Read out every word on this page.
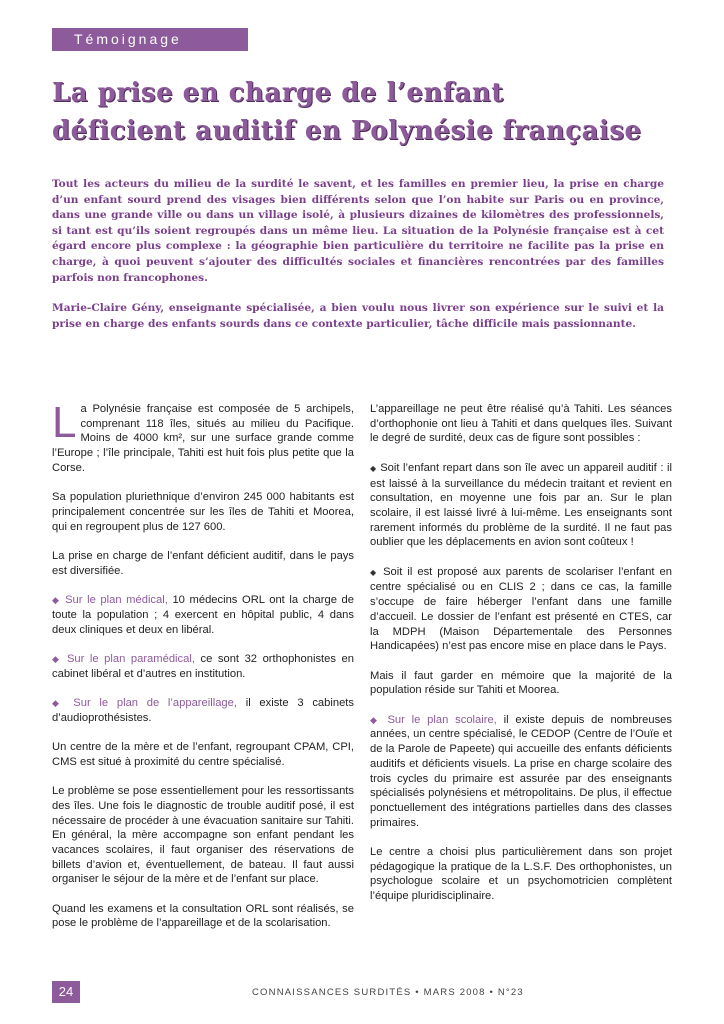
Témoignage
La prise en charge de l’enfant
déficient auditif en Polynésie française

Tout les acteurs du milieu de la surdité le savent, et les familles en premier lieu, la prise en charge d’un enfant sourd prend des visages bien différents selon que l’on habite sur Paris ou en province, dans une grande ville ou dans un village isolé, à plusieurs dizaines de kilomètres des professionnels, si tant est qu’ils soient regroupés dans un même lieu. La situation de la Polynésie française est à cet égard encore plus complexe : la géographie bien particulière du territoire ne facilite pas la prise en charge, à quoi peuvent s’ajouter des difficultés sociales et financières rencontrées par des familles parfois non francophones.

Marie-Claire Gény, enseignante spécialisée, a bien voulu nous livrer son expérience sur le suivi et la prise en charge des enfants sourds dans ce contexte particulier, tâche difficile mais passionnante.

L a Polynésie française est composée de 5 archipels, comprenant 118 îles, situés au milieu du Pacifique. Moins de 4000 km², sur une surface grande comme l’Europe ; l’île principale, Tahiti est huit fois plus petite que la Corse.

Sa population pluriethnique d’environ 245 000 habitants est principalement concentrée sur les îles de Tahiti et Moorea, qui en regroupent plus de 127 600.

La prise en charge de l’enfant déficient auditif, dans le pays est diversifiée.

◆ Sur le plan médical, 10 médecins ORL ont la charge de toute la population ; 4 exercent en hôpital public, 4 dans deux cliniques et deux en libéral.

◆ Sur le plan paramédical, ce sont 32 orthophonistes en cabinet libéral et d’autres en institution.

◆ Sur le plan de l’appareillage, il existe 3 cabinets d’audioprothésistes.

Un centre de la mère et de l’enfant, regroupant CPAM, CPI, CMS est situé à proximité du centre spécialisé.

Le problème se pose essentiellement pour les ressortissants des îles. Une fois le diagnostic de trouble auditif posé, il est nécessaire de procéder à une évacuation sanitaire sur Tahiti. En général, la mère accompagne son enfant pendant les vacances scolaires, il faut organiser des réservations de billets d’avion et, éventuellement, de bateau. Il faut aussi organiser le séjour de la mère et de l’enfant sur place.

Quand les examens et la consultation ORL sont réalisés, se pose le problème de l’appareillage et de la scolarisation.

L’appareillage ne peut être réalisé qu’à Tahiti. Les séances d’orthophonie ont lieu à Tahiti et dans quelques îles. Suivant le degré de surdité, deux cas de figure sont possibles :

◆ Soit l’enfant repart dans son île avec un appareil auditif : il est laissé à la surveillance du médecin traitant et revient en consultation, en moyenne une fois par an. Sur le plan scolaire, il est laissé livré à lui-même. Les enseignants sont rarement informés du problème de la surdité. Il ne faut pas oublier que les déplacements en avion sont coûteux !

◆ Soit il est proposé aux parents de scolariser l’enfant en centre spécialisé ou en CLIS 2 ; dans ce cas, la famille s’occupe de faire héberger l’enfant dans une famille d’accueil. Le dossier de l’enfant est présenté en CTES, car la MDPH (Maison Départementale des Personnes Handicapées) n’est pas encore mise en place dans le Pays.

Mais il faut garder en mémoire que la majorité de la population réside sur Tahiti et Moorea.

◆ Sur le plan scolaire, il existe depuis de nombreuses années, un centre spécialisé, le CEDOP (Centre de l’Ouïe et de la Parole de Papeete) qui accueille des enfants déficients auditifs et déficients visuels. La prise en charge scolaire des trois cycles du primaire est assurée par des enseignants spécialisés polynésiens et métropolitains. De plus, il effectue ponctuellement des intégrations partielles dans des classes primaires.

Le centre a choisi plus particulièrement dans son projet pédagogique la pratique de la L.S.F. Des orthophonistes, un psychologue scolaire et un psychomotricien complètent l’équipe pluridisciplinaire.

24	CONNAISSANCES SURDITÉS • MARS 2008 • N°23
